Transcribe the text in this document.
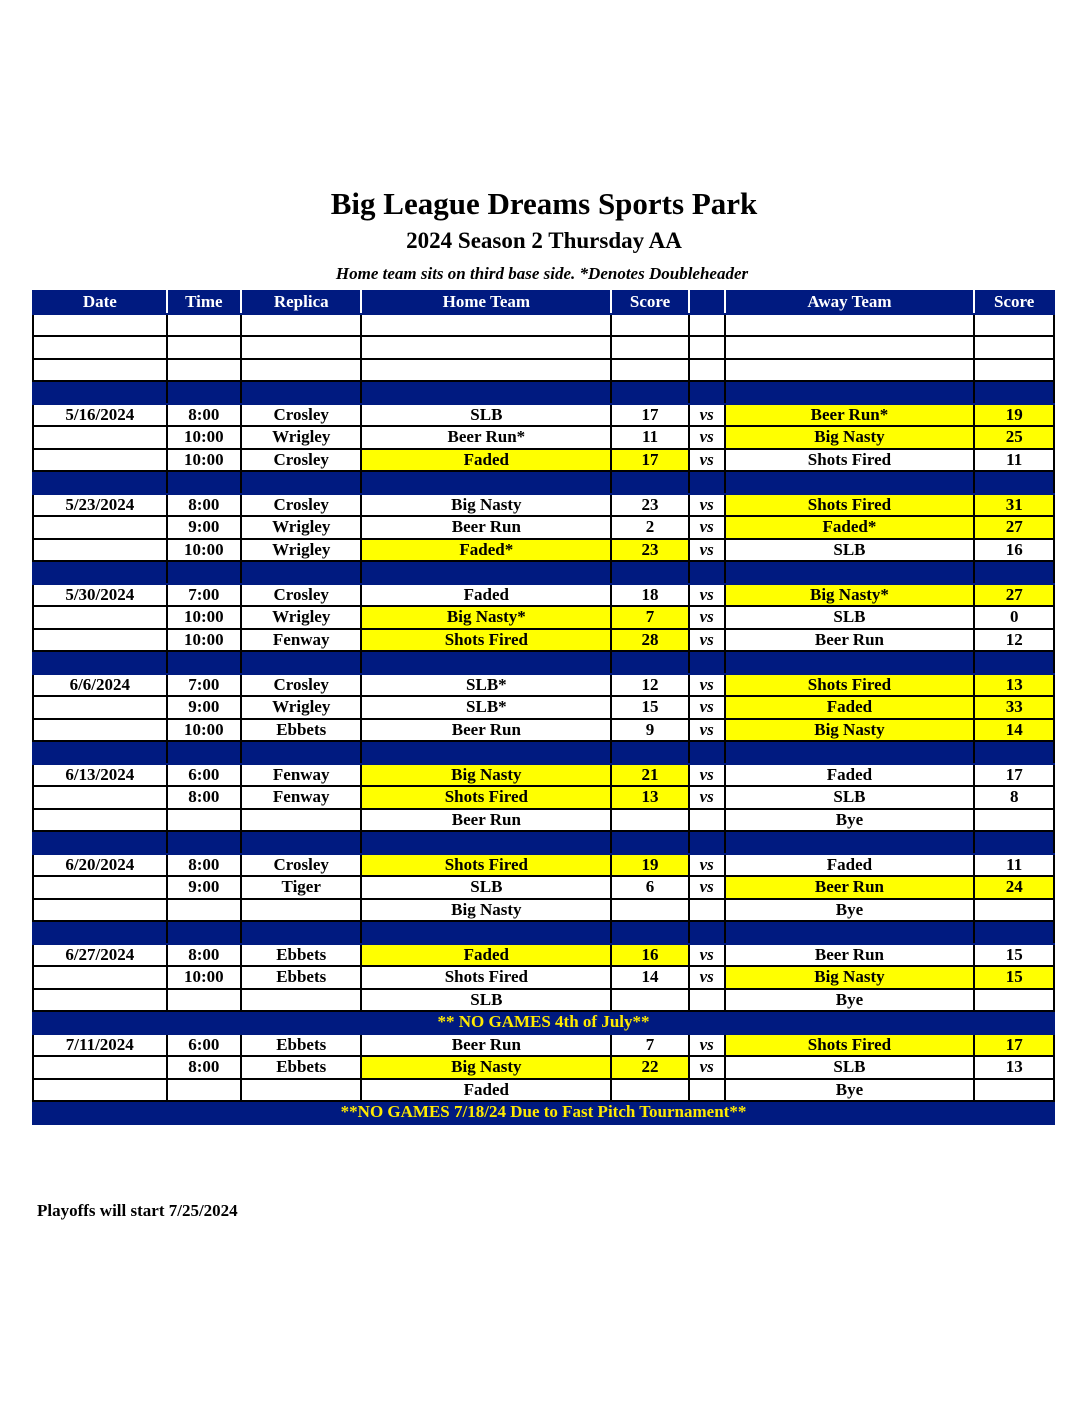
Big League Dreams Sports Park
2024 Season 2 Thursday AA
Home team sits on third base side. *Denotes Doubleheader
Date	Time	Replica	Home Team	Score		Away Team	Score

5/16/2024	8:00	Crosley	SLB	17	vs	Beer Run*	19
	10:00	Wrigley	Beer Run*	11	vs	Big Nasty	25
	10:00	Crosley	Faded	17	vs	Shots Fired	11

5/23/2024	8:00	Crosley	Big Nasty	23	vs	Shots Fired	31
	9:00	Wrigley	Beer Run	2	vs	Faded*	27
	10:00	Wrigley	Faded*	23	vs	SLB	16

5/30/2024	7:00	Crosley	Faded	18	vs	Big Nasty*	27
	10:00	Wrigley	Big Nasty*	7	vs	SLB	0
	10:00	Fenway	Shots Fired	28	vs	Beer Run	12

6/6/2024	7:00	Crosley	SLB*	12	vs	Shots Fired	13
	9:00	Wrigley	SLB*	15	vs	Faded	33
	10:00	Ebbets	Beer Run	9	vs	Big Nasty	14

6/13/2024	6:00	Fenway	Big Nasty	21	vs	Faded	17
	8:00	Fenway	Shots Fired	13	vs	SLB	8
			Beer Run			Bye	

6/20/2024	8:00	Crosley	Shots Fired	19	vs	Faded	11
	9:00	Tiger	SLB	6	vs	Beer Run	24
			Big Nasty			Bye	

6/27/2024	8:00	Ebbets	Faded	16	vs	Beer Run	15
	10:00	Ebbets	Shots Fired	14	vs	Big Nasty	15
			SLB			Bye	
** NO GAMES 4th of July**							
7/11/2024	6:00	Ebbets	Beer Run	7	vs	Shots Fired	17
	8:00	Ebbets	Big Nasty	22	vs	SLB	13
			Faded			Bye	
**NO GAMES 7/18/24 Due to Fast Pitch Tournament**							
Playoffs will start 7/25/2024
